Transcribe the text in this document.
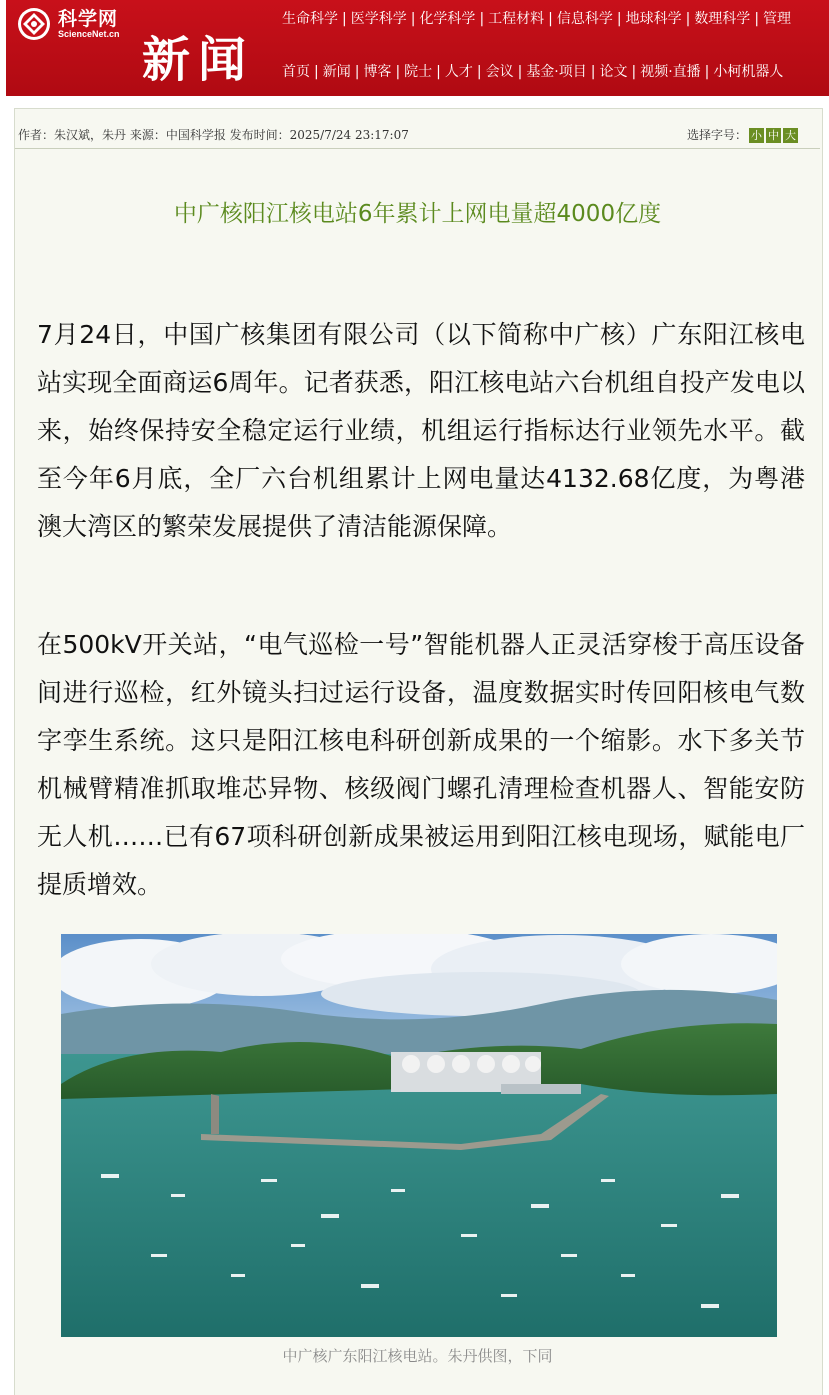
科学网
ScienceNet.cn 新闻
生命科学 | 医学科学 | 化学科学 | 工程材料 | 信息科学 | 地球科学 | 数理科学 | 管理
首页 | 新闻 | 博客 | 院士 | 人才 | 会议 | 基金·项目 | 论文 | 视频·直播 | 小柯机器人
作者：朱汉斌，朱丹 来源：中国科学报 发布时间：2025/7/24 23:17:07	选择字号： 小 中 大
中广核阳江核电站6年累计上网电量超4000亿度

7月24日，中国广核集团有限公司（以下简称中广核）广东阳江核电站实现全面商运6周年。记者获悉，阳江核电站六台机组自投产发电以来，始终保持安全稳定运行业绩，机组运行指标达行业领先水平。截至今年6月底，全厂六台机组累计上网电量达4132.68亿度，为粤港澳大湾区的繁荣发展提供了清洁能源保障。

在500kV开关站，“电气巡检一号”智能机器人正灵活穿梭于高压设备间进行巡检，红外镜头扫过运行设备，温度数据实时传回阳核电气数字孪生系统。这只是阳江核电科研创新成果的一个缩影。水下多关节机械臂精准抓取堆芯异物、核级阀门螺孔清理检查机器人、智能安防无人机……已有67项科研创新成果被运用到阳江核电现场，赋能电厂提质增效。

中广核广东阳江核电站。朱丹供图，下同
